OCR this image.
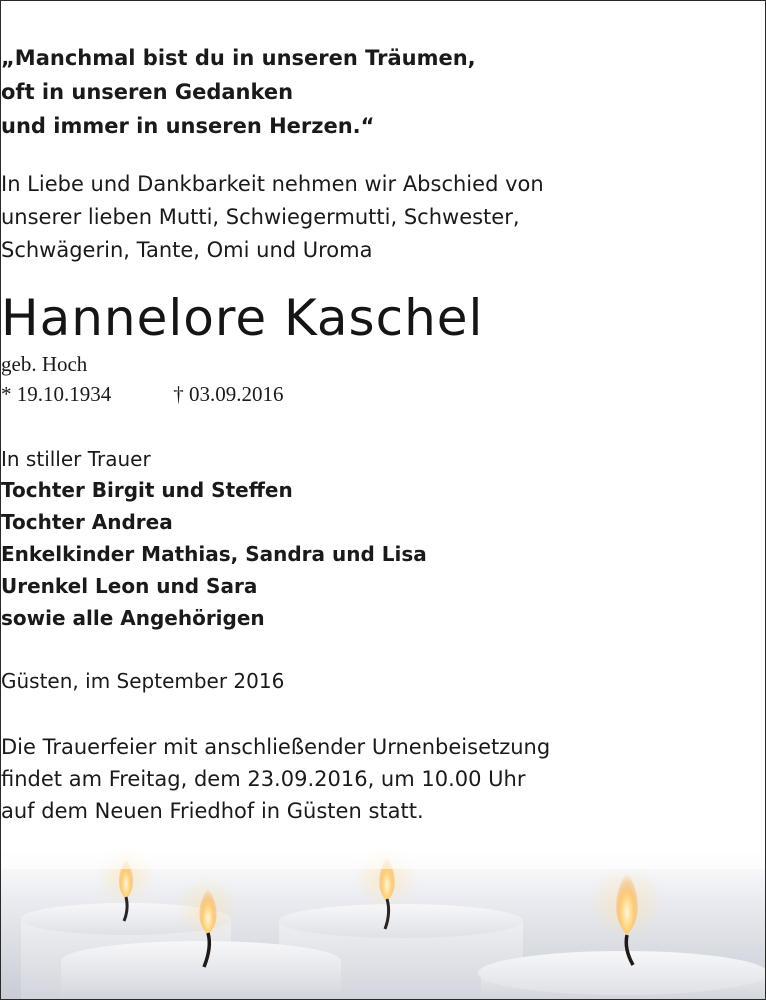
„Manchmal bist du in unseren Träumen,
oft in unseren Gedanken
und immer in unseren Herzen.“
In Liebe und Dankbarkeit nehmen wir Abschied von
unserer lieben Mutti, Schwiegermutti, Schwester,
Schwägerin, Tante, Omi und Uroma
Hannelore Kaschel
geb. Hoch
* 19.10.1934	† 03.09.2016
In stiller Trauer
Tochter Birgit und Steffen
Tochter Andrea
Enkelkinder Mathias, Sandra und Lisa
Urenkel Leon und Sara
sowie alle Angehörigen
Güsten, im September 2016
Die Trauerfeier mit anschließender Urnenbeisetzung
findet am Freitag, dem 23.09.2016, um 10.00 Uhr
auf dem Neuen Friedhof in Güsten statt.
